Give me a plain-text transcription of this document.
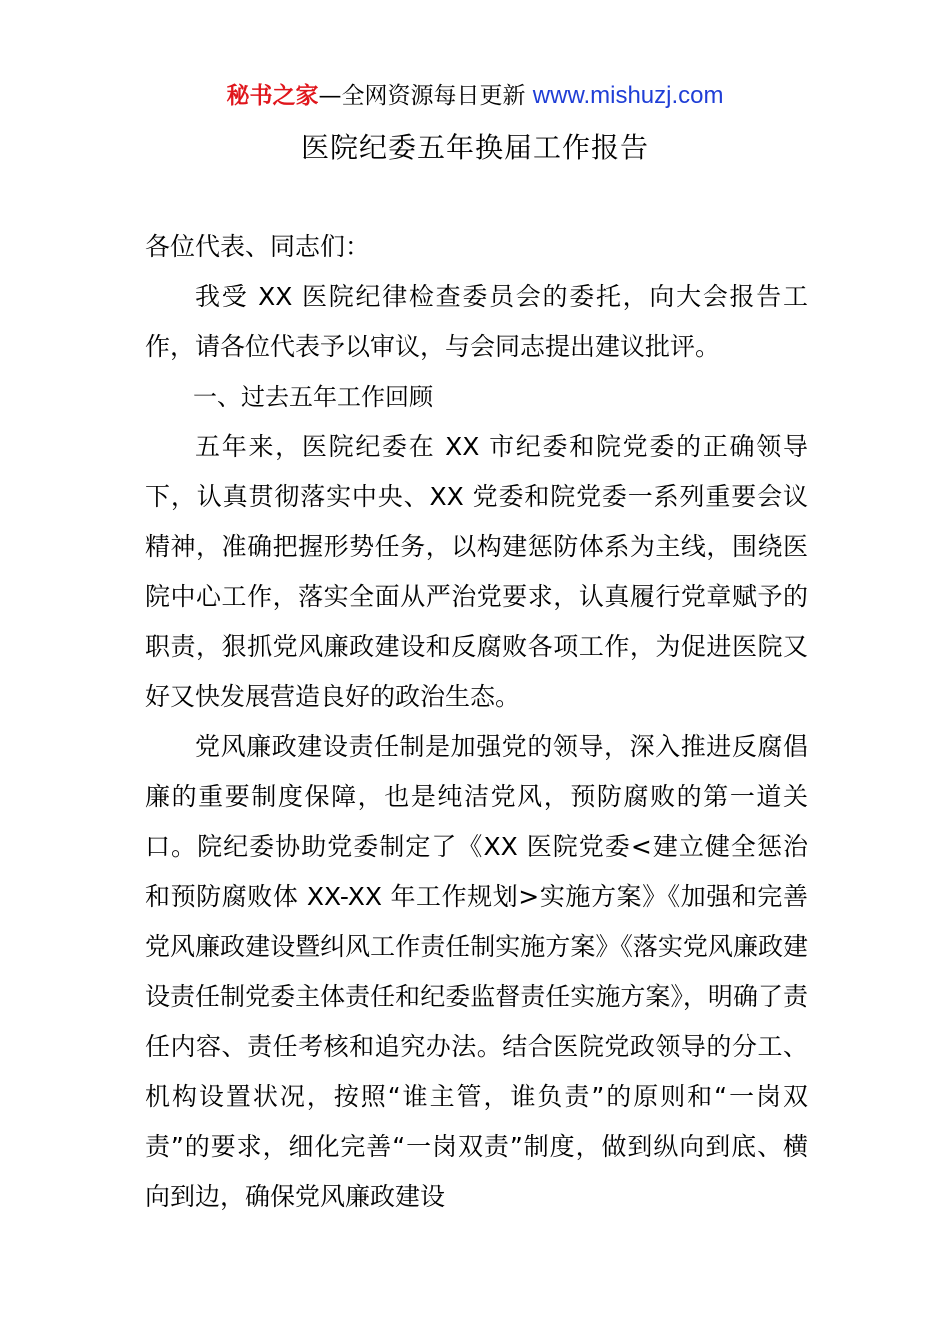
秘书之家—全网资源每日更新 www.mishuzj.com
医院纪委五年换届工作报告

各位代表、同志们：

我受 XX 医院纪律检查委员会的委托，向大会报告工作，请各位代表予以审议，与会同志提出建议批评。

一、过去五年工作回顾

五年来，医院纪委在 XX 市纪委和院党委的正确领导下，认真贯彻落实中央、XX 党委和院党委一系列重要会议精神，准确把握形势任务，以构建惩防体系为主线，围绕医院中心工作，落实全面从严治党要求，认真履行党章赋予的职责，狠抓党风廉政建设和反腐败各项工作，为促进医院又好又快发展营造良好的政治生态。

党风廉政建设责任制是加强党的领导，深入推进反腐倡廉的重要制度保障，也是纯洁党风，预防腐败的第一道关口。院纪委协助党委制定了《XX 医院党委<建立健全惩治和预防腐败体 XX-XX 年工作规划>实施方案》《加强和完善党风廉政建设暨纠风工作责任制实施方案》《落实党风廉政建设责任制党委主体责任和纪委监督责任实施方案》，明确了责任内容、责任考核和追究办法。结合医院党政领导的分工、机构设置状况，按照“谁主管，谁负责”的原则和“一岗双责”的要求，细化完善“一岗双责”制度，做到纵向到底、横向到边，确保党风廉政建设
